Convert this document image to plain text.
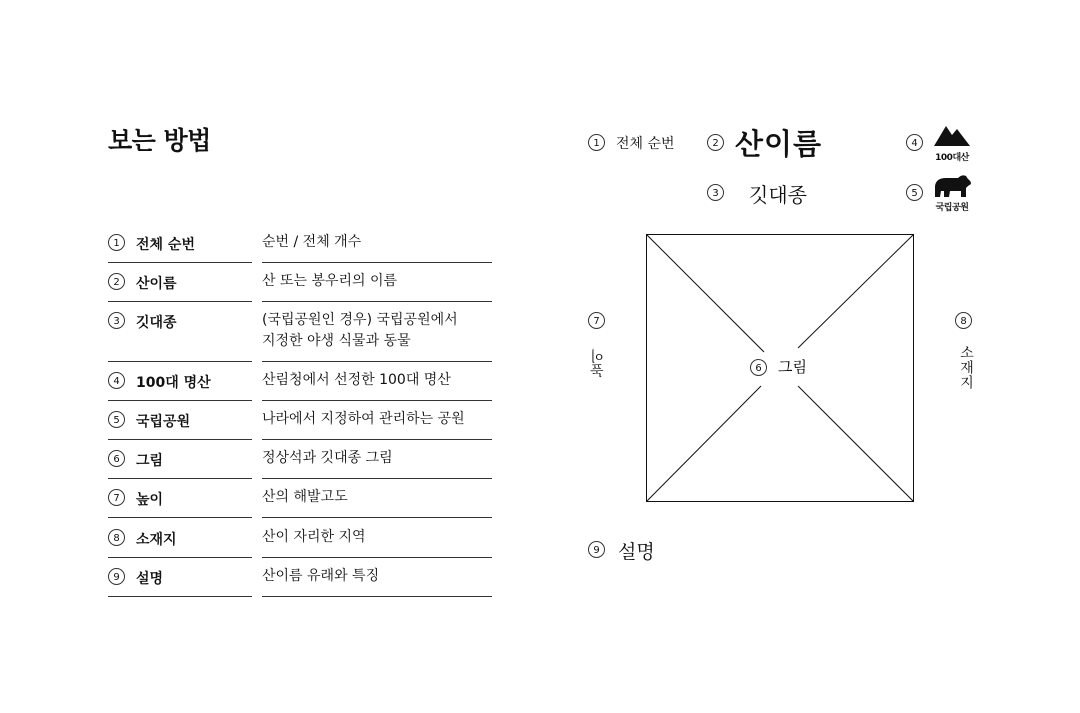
보는 방법
1	전체 순번	순번 / 전체 개수
2	산이름	산 또는 봉우리의 이름
3	깃대종	(국립공원인 경우) 국립공원에서
지정한 야생 식물과 동물
4	100대 명산	산림청에서 선정한 100대 명산
5	국립공원	나라에서 지정하여 관리하는 공원
6	그림	정상석과 깃대종 그림
7	높이	산의 해발고도
8	소재지	산이 자리한 지역
9	설명	산이름 유래와 특징
1	전체 순번	2 산이름
3 깃대종
4
100대산
5
국립공원
6	그림
7
높이
8
소재지
9 설명
